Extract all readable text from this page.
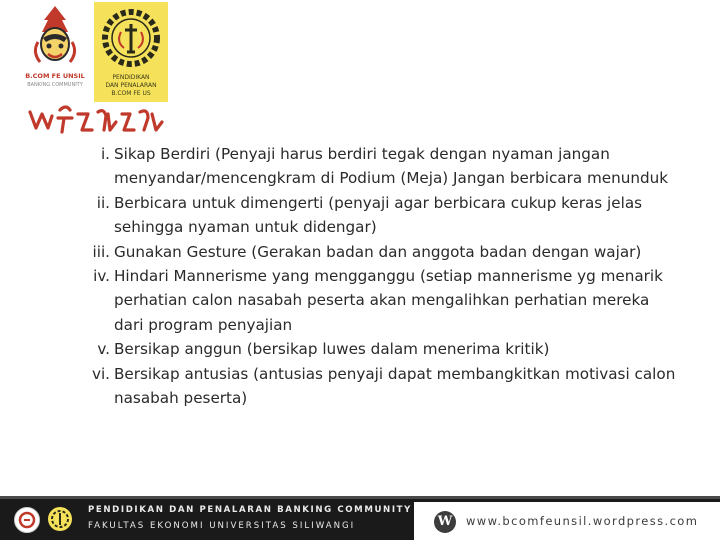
B.COM FE UNSIL
BANKING COMMUNITY
PENDIDIKAN
DAN PENALARAN
B.COM FE US
i. Sikap Berdiri (Penyaji harus berdiri tegak dengan nyaman jangan menyandar/mencengkram di Podium (Meja) Jangan berbicara menunduk
ii. Berbicara untuk dimengerti (penyaji agar berbicara cukup keras jelas sehingga nyaman untuk didengar)
iii. Gunakan Gesture (Gerakan badan dan anggota badan dengan wajar)
iv. Hindari Mannerisme yang mengganggu (setiap mannerisme yg menarik perhatian calon nasabah peserta akan mengalihkan perhatian mereka dari program penyajian
v. Bersikap anggun (bersikap luwes dalam menerima kritik)
vi. Bersikap antusias (antusias penyaji dapat membangkitkan motivasi calon nasabah peserta)
PENDIDIKAN DAN PENALARAN BANKING COMMUNITY
FAKULTAS EKONOMI UNIVERSITAS SILIWANGI	W	www.bcomfeunsil.wordpress.com
